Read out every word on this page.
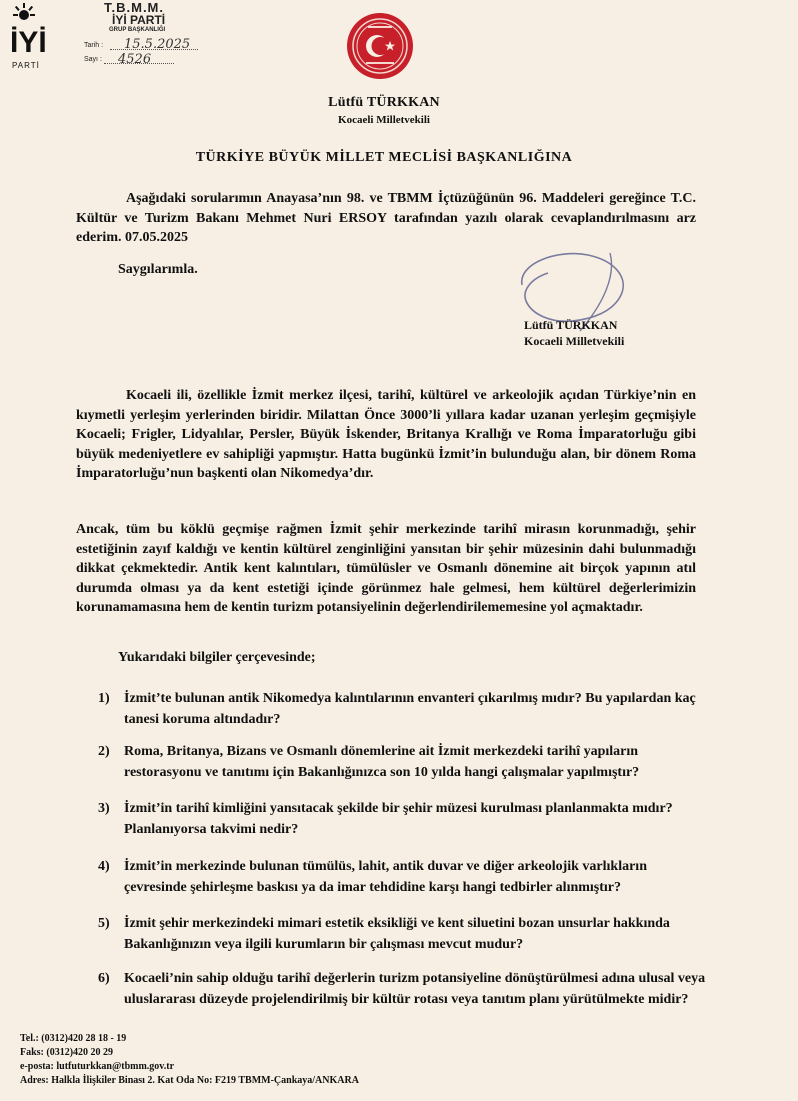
İYİ
PARTİ
T.B.M.M.
İYİ PARTİ
GRUP BAŞKANLIĞI
Tarih : 15.5.2025
Sayı : 4526
Lütfü TÜRKKAN
Kocaeli Milletvekili
TÜRKİYE BÜYÜK MİLLET MECLİSİ BAŞKANLIĞINA
Aşağıdaki sorularımın Anayasa’nın 98. ve TBMM İçtüzüğünün 96. Maddeleri gereğince T.C. Kültür ve Turizm Bakanı Mehmet Nuri ERSOY tarafından yazılı olarak cevaplandırılmasını arz ederim. 07.05.2025
Saygılarımla.
Lütfü TÜRKKAN
Kocaeli Milletvekili
Kocaeli ili, özellikle İzmit merkez ilçesi, tarihî, kültürel ve arkeolojik açıdan Türkiye’nin en kıymetli yerleşim yerlerinden biridir. Milattan Önce 3000’li yıllara kadar uzanan yerleşim geçmişiyle Kocaeli; Frigler, Lidyalılar, Persler, Büyük İskender, Britanya Krallığı ve Roma İmparatorluğu gibi büyük medeniyetlere ev sahipliği yapmıştır. Hatta bugünkü İzmit’in bulunduğu alan, bir dönem Roma İmparatorluğu’nun başkenti olan Nikomedya’dır.
Ancak, tüm bu köklü geçmişe rağmen İzmit şehir merkezinde tarihî mirasın korunmadığı, şehir estetiğinin zayıf kaldığı ve kentin kültürel zenginliğini yansıtan bir şehir müzesinin dahi bulunmadığı dikkat çekmektedir. Antik kent kalıntıları, tümülüsler ve Osmanlı dönemine ait birçok yapının atıl durumda olması ya da kent estetiği içinde görünmez hale gelmesi, hem kültürel değerlerimizin korunamamasına hem de kentin turizm potansiyelinin değerlendirilememesine yol açmaktadır.
Yukarıdaki bilgiler çerçevesinde;
1)	İzmit’te bulunan antik Nikomedya kalıntılarının envanteri çıkarılmış mıdır? Bu yapılardan kaç tanesi koruma altındadır?
2)	Roma, Britanya, Bizans ve Osmanlı dönemlerine ait İzmit merkezdeki tarihî yapıların restorasyonu ve tanıtımı için Bakanlığınızca son 10 yılda hangi çalışmalar yapılmıştır?
3)	İzmit’in tarihî kimliğini yansıtacak şekilde bir şehir müzesi kurulması planlanmakta mıdır? Planlanıyorsa takvimi nedir?
4)	İzmit’in merkezinde bulunan tümülüs, lahit, antik duvar ve diğer arkeolojik varlıkların çevresinde şehirleşme baskısı ya da imar tehdidine karşı hangi tedbirler alınmıştır?
5)	İzmit şehir merkezindeki mimari estetik eksikliği ve kent siluetini bozan unsurlar hakkında Bakanlığınızın veya ilgili kurumların bir çalışması mevcut mudur?
6)	Kocaeli’nin sahip olduğu tarihî değerlerin turizm potansiyeline dönüştürülmesi adına ulusal veya uluslararası düzeyde projelendirilmiş bir kültür rotası veya tanıtım planı yürütülmekte midir?
Tel.: (0312)420 28 18 - 19
Faks: (0312)420 20 29
e-posta: lutfuturkkan@tbmm.gov.tr
Adres: Halkla İlişkiler Binası 2. Kat Oda No: F219 TBMM-Çankaya/ANKARA
